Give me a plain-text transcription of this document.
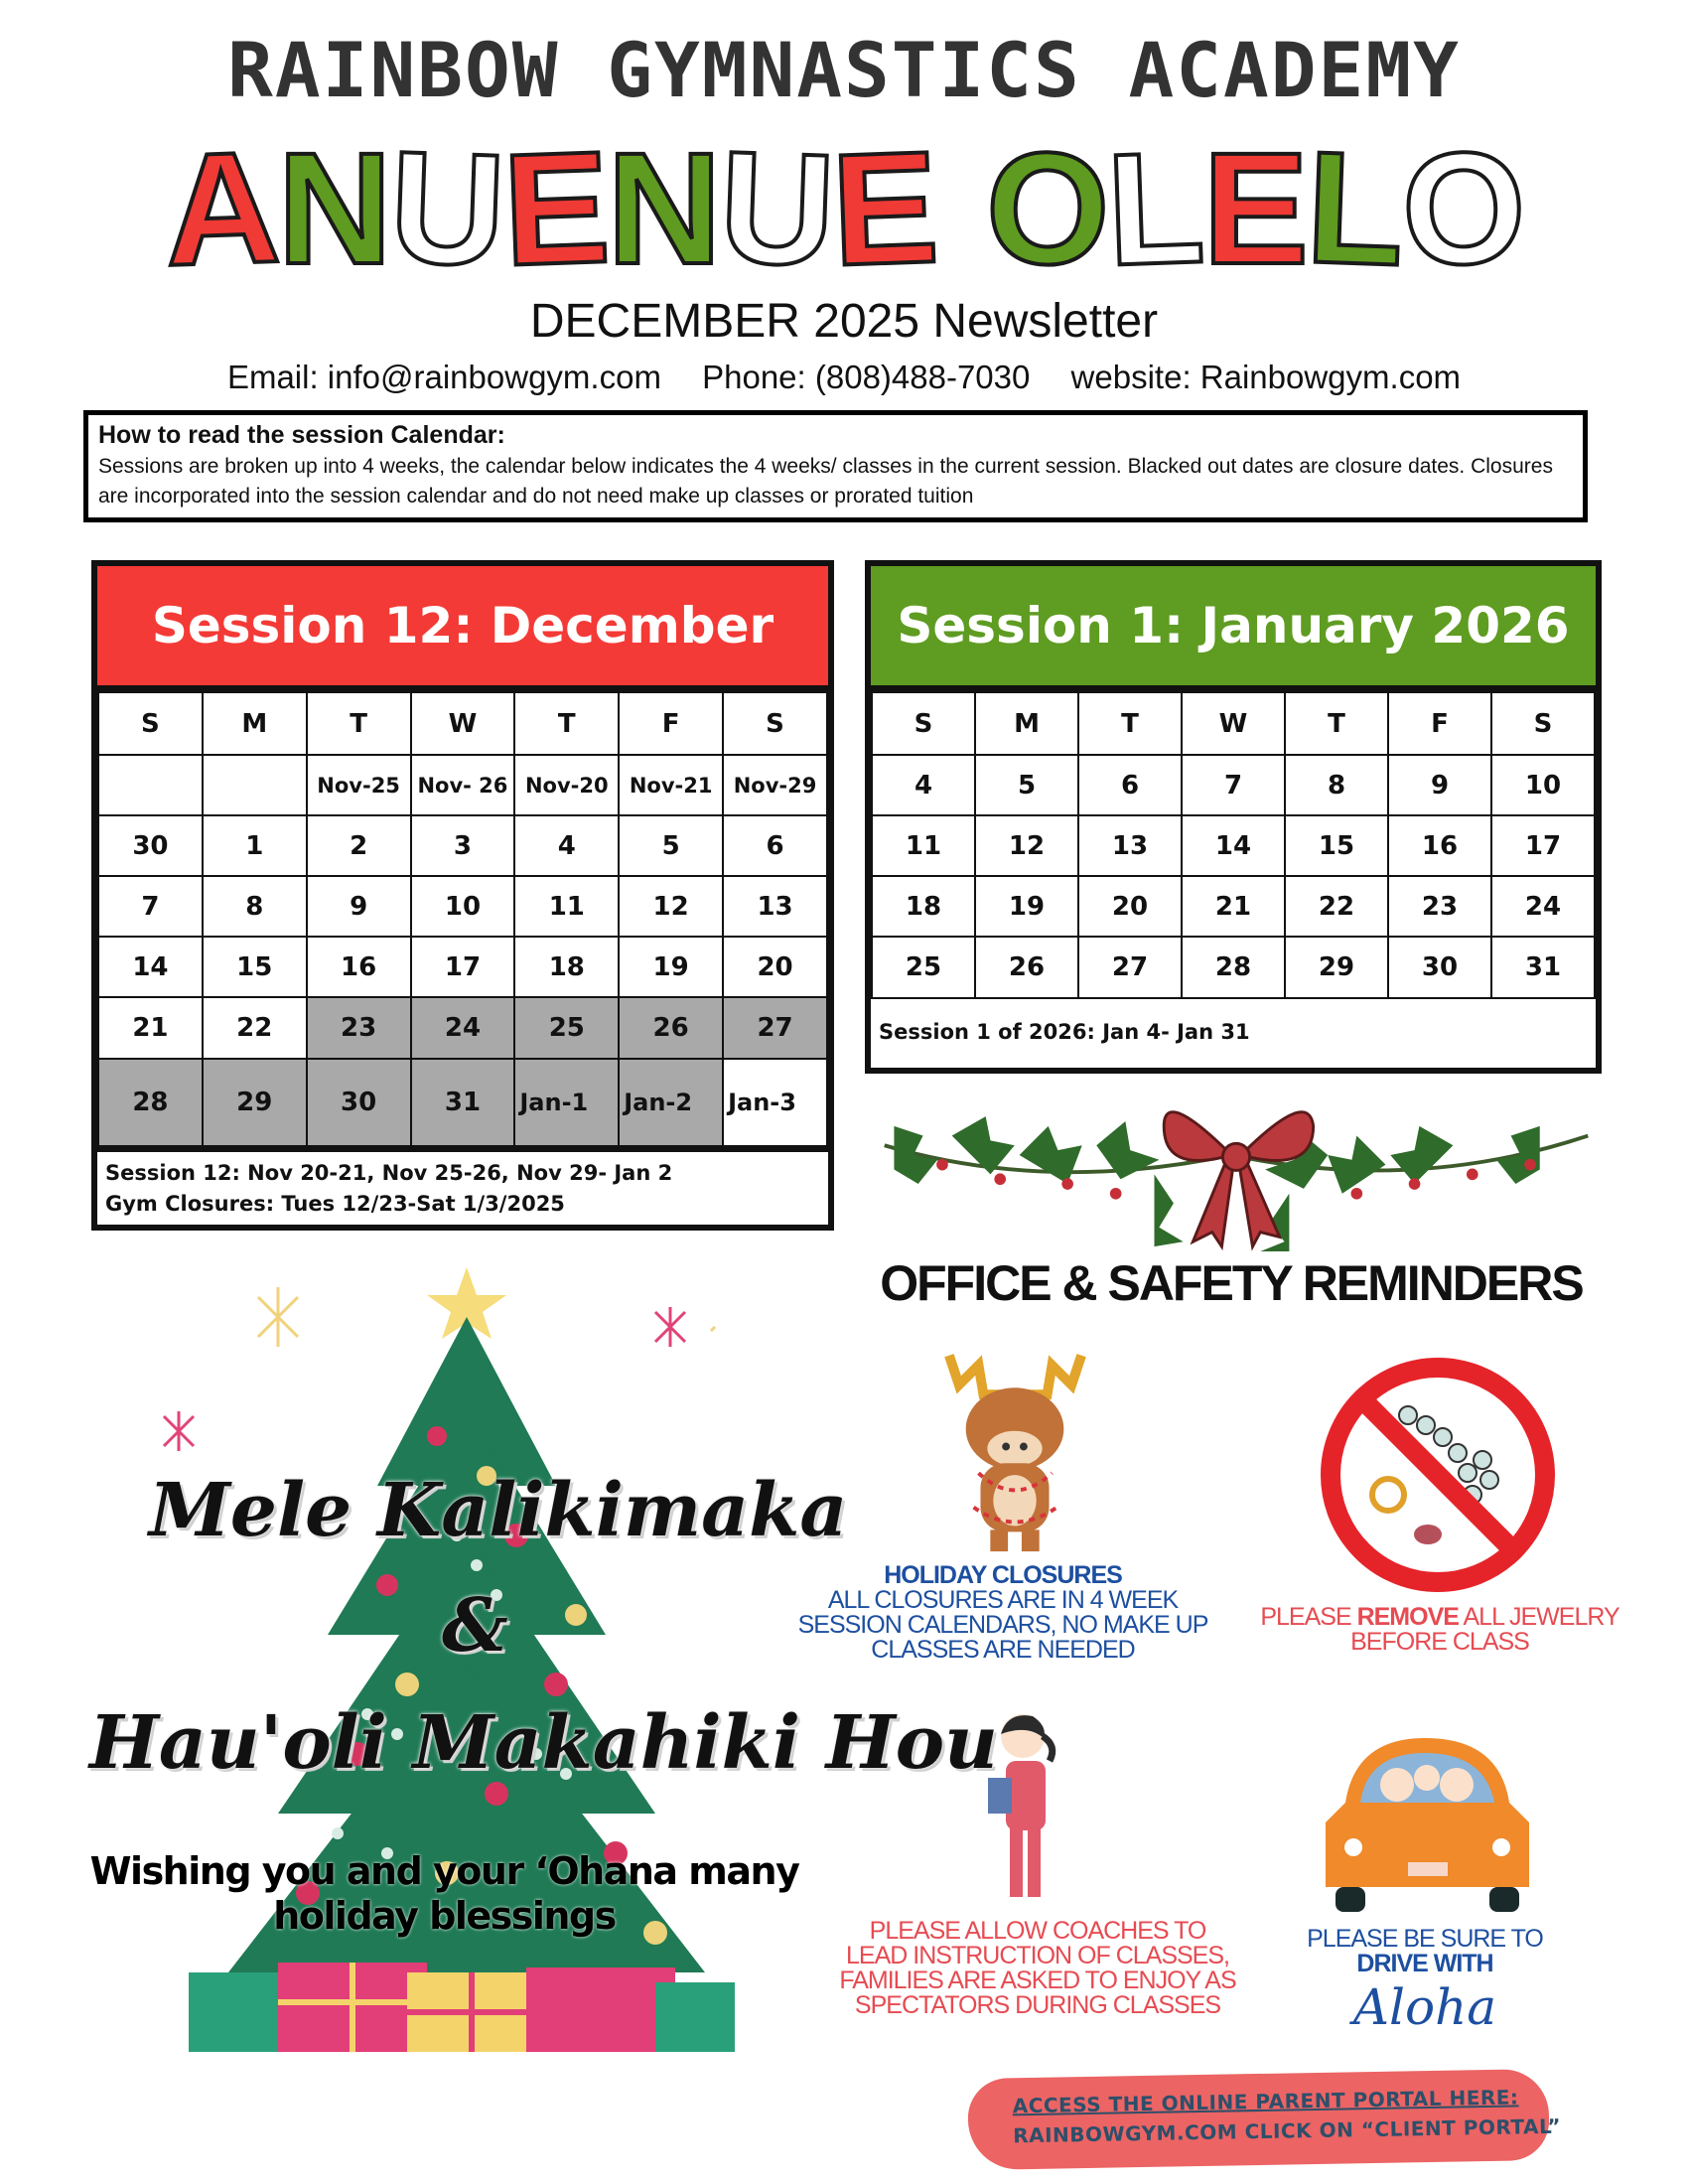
RAINBOW GYMNASTICS ACADEMY
ANUENUE OLELO
DECEMBER 2025 Newsletter
Email: info@rainbowgym.com Phone: (808)488-7030 website: Rainbowgym.com
How to read the session Calendar:

Sessions are broken up into 4 weeks, the calendar below indicates the 4 weeks/ classes in the current session. Blacked out dates are closure dates. Closures are incorporated into the session calendar and do not need make up classes or prorated tuition

Session 12: December
S	M	T	W	T	F	S
		Nov-25	Nov- 26	Nov-20	Nov-21	Nov-29
30	1	2	3	4	5	6
7	8	9	10	11	12	13
14	15	16	17	18	19	20
21	22	23	24	25	26	27
28	29	30	31	Jan-1	Jan-2	Jan-3
Session 12: Nov 20-21, Nov 25-26, Nov 29- Jan 2
Gym Closures: Tues 12/23-Sat 1/3/2025
Session 1: January 2026
S	M	T	W	T	F	S
4	5	6	7	8	9	10
11	12	13	14	15	16	17
18	19	20	21	22	23	24
25	26	27	28	29	30	31
Session 1 of 2026: Jan 4- Jan 31
OFFICE & SAFETY REMINDERS
HOLIDAY CLOSURES
ALL CLOSURES ARE IN 4 WEEK SESSION CALENDARS, NO MAKE UP CLASSES ARE NEEDED
PLEASE REMOVE ALL JEWELRY BEFORE CLASS
PLEASE ALLOW COACHES TO LEAD INSTRUCTION OF CLASSES, FAMILIES ARE ASKED TO ENJOY AS SPECTATORS DURING CLASSES
PLEASE BE SURE TO
DRIVE WITH
Aloha
ACCESS THE ONLINE PARENT PORTAL HERE:
RAINBOWGYM.COM CLICK ON “CLIENT PORTAL”
Mele Kalikimaka
&
Hau'oli Makahiki Hou
Wishing you and your ‘Ohana many
holiday blessings
